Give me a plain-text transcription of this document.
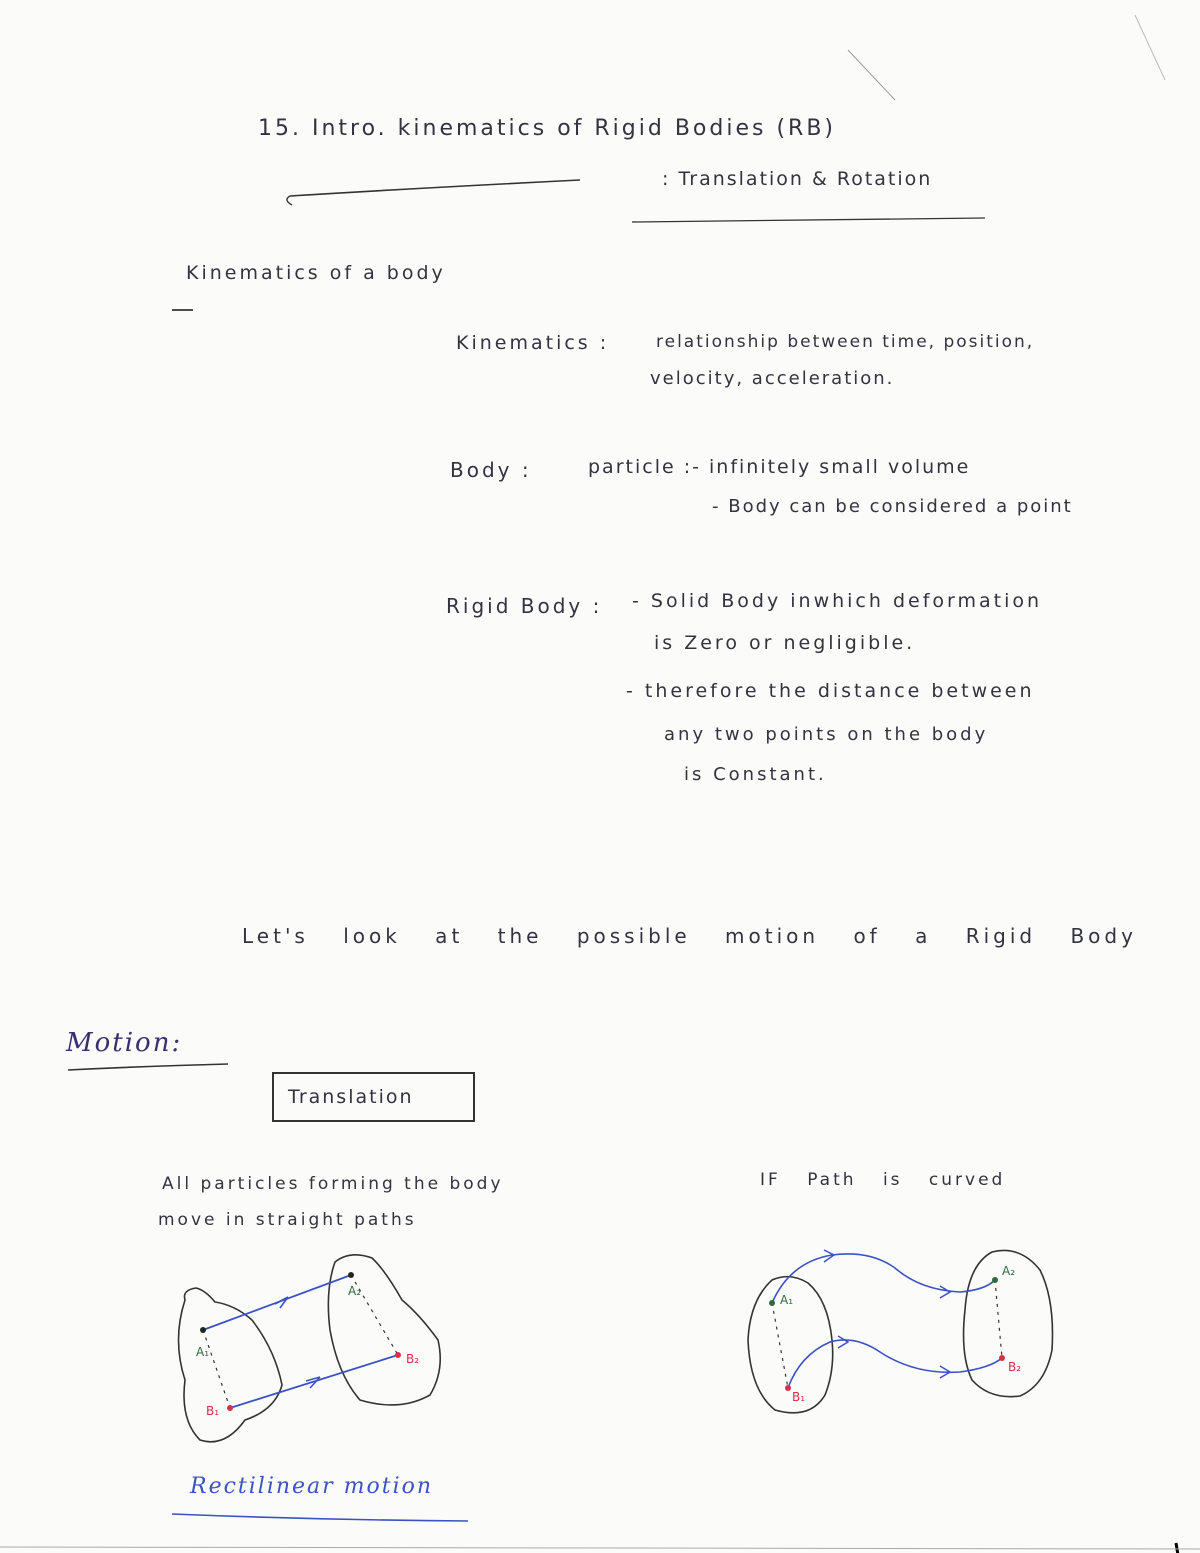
15. Intro. kinematics of Rigid Bodies (RB)
: Translation & Rotation
Kinematics of a body
Kinematics :	relationship between time, position,
velocity, acceleration.
Body :	particle :- infinitely small volume
- Body can be considered a point
Rigid Body : - Solid Body inwhich deformation
is Zero or negligible.
- therefore the distance between
any two points on the body
is Constant.
Let's look at the possible motion of a Rigid Body
Motion:
Translation
All particles forming the body
move in straight paths
IF Path is curved
A₁
A₂
B₁
B₂
A₁
A₂
B₁
B₂
Rectilinear motion
